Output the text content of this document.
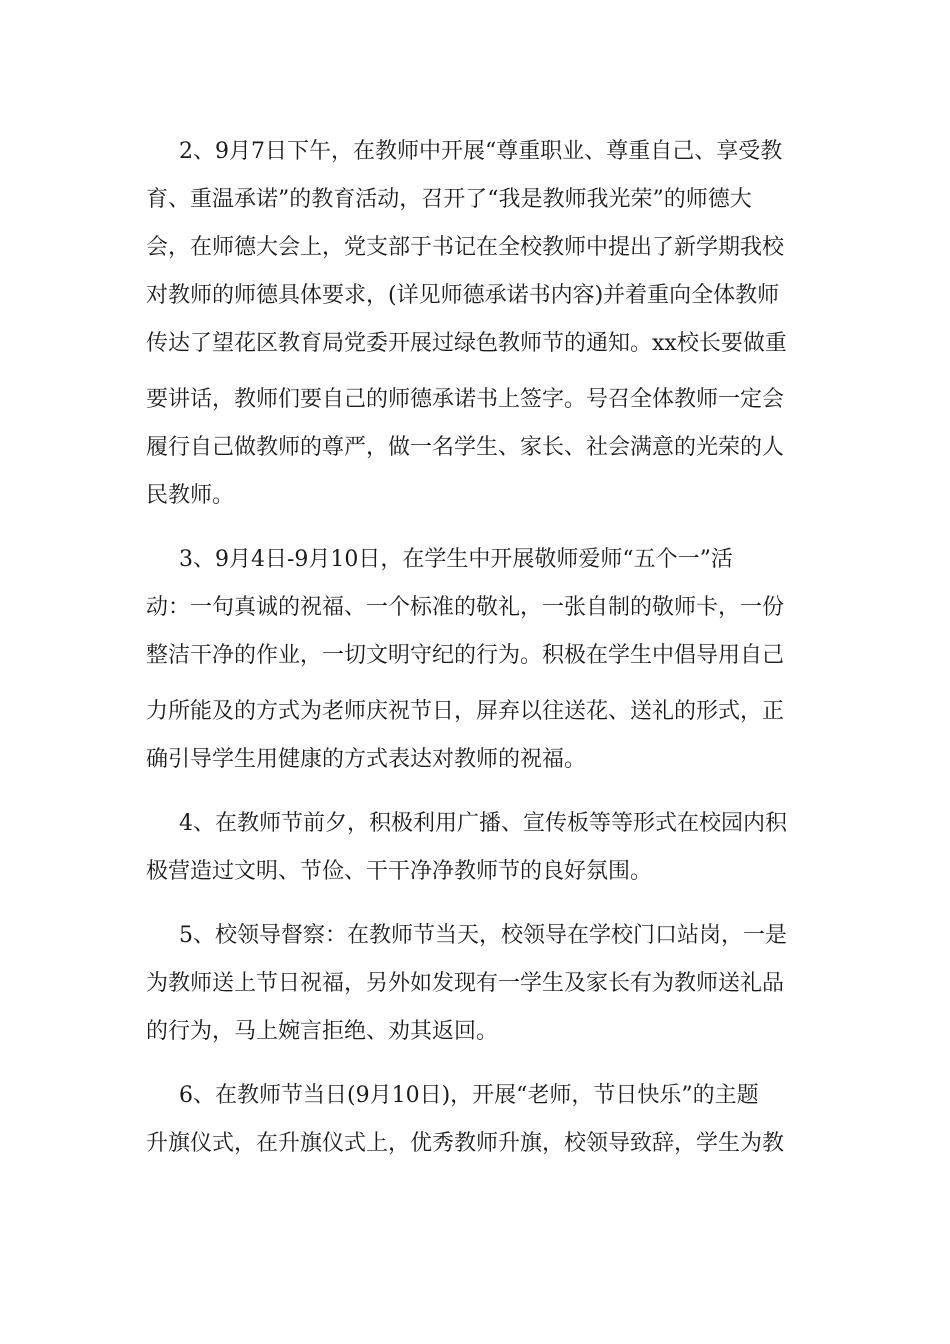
2、9月7日下午，在教师中开展“尊重职业、尊重自己、享受教
育、重温承诺”的教育活动，召开了“我是教师我光荣”的师德大
会，在师德大会上，党支部于书记在全校教师中提出了新学期我校
对教师的师德具体要求，(详见师德承诺书内容)并着重向全体教师
传达了望花区教育局党委开展过绿色教师节的通知。xx校长要做重
要讲话，教师们要自己的师德承诺书上签字。号召全体教师一定会
履行自己做教师的尊严，做一名学生、家长、社会满意的光荣的人
民教师。
3、9月4日-9月10日，在学生中开展敬师爱师“五个一”活
动：一句真诚的祝福、一个标准的敬礼，一张自制的敬师卡，一份
整洁干净的作业，一切文明守纪的行为。积极在学生中倡导用自己
力所能及的方式为老师庆祝节日，屏弃以往送花、送礼的形式，正
确引导学生用健康的方式表达对教师的祝福。
4、在教师节前夕，积极利用广播、宣传板等等形式在校园内积
极营造过文明、节俭、干干净净教师节的良好氛围。
5、校领导督察：在教师节当天，校领导在学校门口站岗，一是
为教师送上节日祝福，另外如发现有一学生及家长有为教师送礼品
的行为，马上婉言拒绝、劝其返回。
6、在教师节当日(9月10日)，开展“老师，节日快乐”的主题
升旗仪式，在升旗仪式上，优秀教师升旗，校领导致辞，学生为教
